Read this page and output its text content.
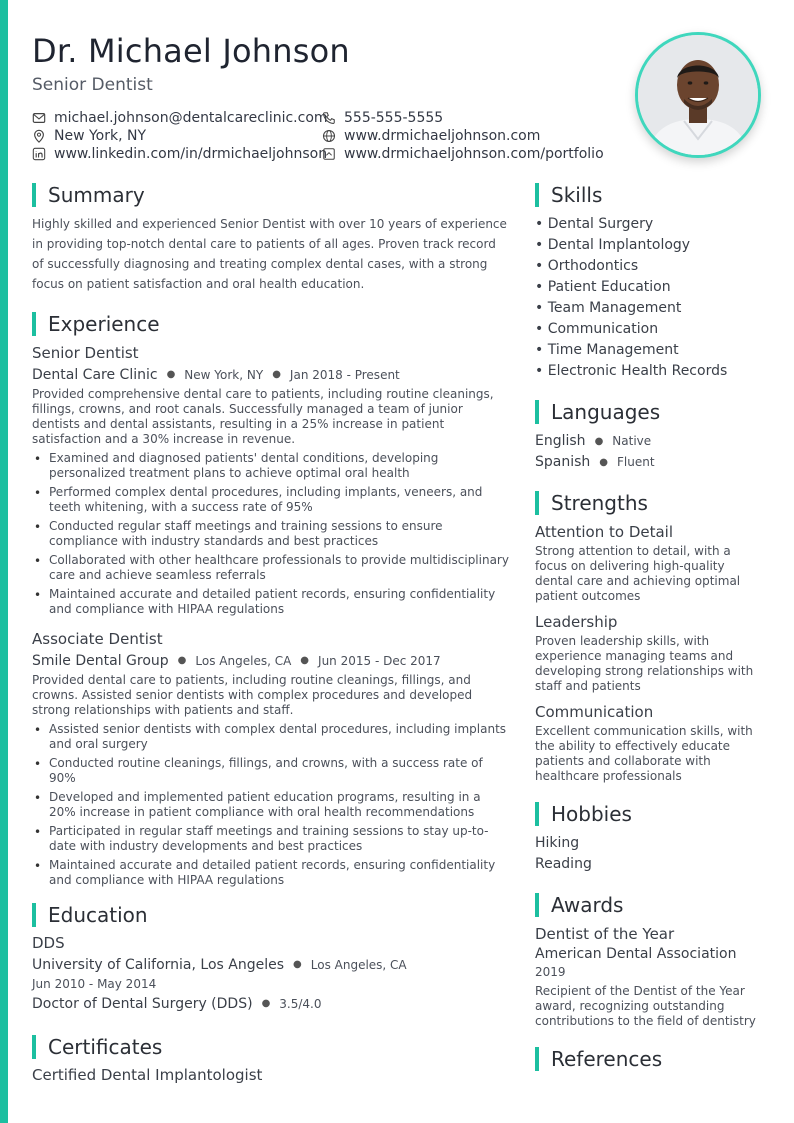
Dr. Michael Johnson
Senior Dentist
michael.johnson@dentalcareclinic.com 555-555-5555
New York, NY	www.drmichaeljohnson.com
www.linkedin.com/in/drmichaeljohnson www.drmichaeljohnson.com/portfolio
Summary

Highly skilled and experienced Senior Dentist with over 10 years of experience in providing top-notch dental care to patients of all ages. Proven track record of successfully diagnosing and treating complex dental cases, with a strong focus on patient satisfaction and oral health education.

Experience
Senior Dentist
Dental Care Clinic ● New York, NY ● Jan 2018 - Present

Provided comprehensive dental care to patients, including routine cleanings, fillings, crowns, and root canals. Successfully managed a team of junior dentists and dental assistants, resulting in a 25% increase in patient satisfaction and a 30% increase in revenue.

• Examined and diagnosed patients' dental conditions, developing personalized treatment plans to achieve optimal oral health
• Performed complex dental procedures, including implants, veneers, and teeth whitening, with a success rate of 95%
• Conducted regular staff meetings and training sessions to ensure compliance with industry standards and best practices
• Collaborated with other healthcare professionals to provide multidisciplinary care and achieve seamless referrals
• Maintained accurate and detailed patient records, ensuring confidentiality and compliance with HIPAA regulations
Associate Dentist
Smile Dental Group ● Los Angeles, CA ● Jun 2015 - Dec 2017

Provided dental care to patients, including routine cleanings, fillings, and crowns. Assisted senior dentists with complex procedures and developed strong relationships with patients and staff.

• Assisted senior dentists with complex dental procedures, including implants and oral surgery
• Conducted routine cleanings, fillings, and crowns, with a success rate of 90%
• Developed and implemented patient education programs, resulting in a 20% increase in patient compliance with oral health recommendations
• Participated in regular staff meetings and training sessions to stay up-to-date with industry developments and best practices
• Maintained accurate and detailed patient records, ensuring confidentiality and compliance with HIPAA regulations
Education
DDS
University of California, Los Angeles ● Los Angeles, CA
Jun 2010 - May 2014
Doctor of Dental Surgery (DDS) ● 3.5/4.0
Certificates
Certified Dental Implantologist
Skills
• Dental Surgery
• Dental Implantology
• Orthodontics
• Patient Education
• Team Management
• Communication
• Time Management
• Electronic Health Records
Languages
English ● Native
Spanish ● Fluent
Strengths
Attention to Detail

Strong attention to detail, with a focus on delivering high-quality dental care and achieving optimal patient outcomes

Leadership

Proven leadership skills, with experience managing teams and developing strong relationships with staff and patients

Communication

Excellent communication skills, with the ability to effectively educate patients and collaborate with healthcare professionals

Hobbies
Hiking
Reading
Awards
Dentist of the Year
American Dental Association
2019

Recipient of the Dentist of the Year award, recognizing outstanding contributions to the field of dentistry

References
